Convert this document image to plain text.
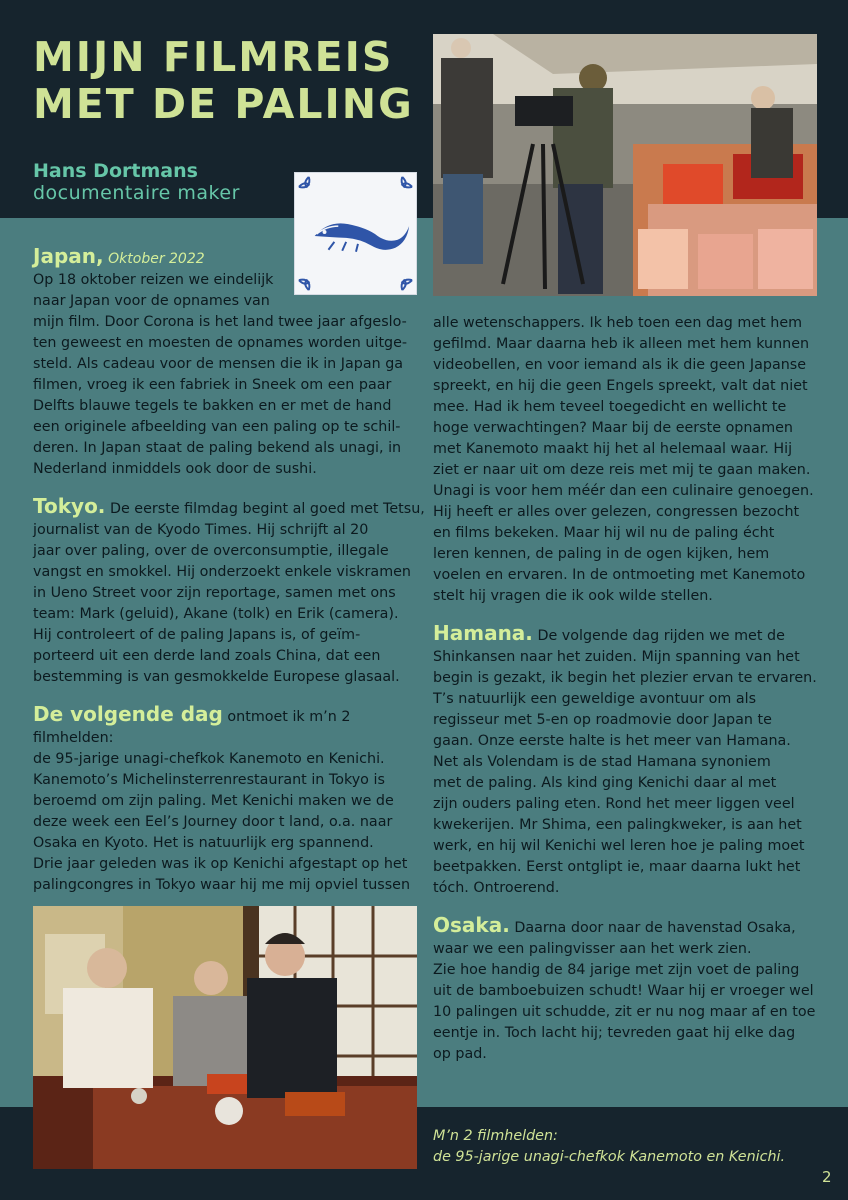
MIJN FILMREIS
MET DE PALING
Hans Dortmans
documentaire maker

Japan, Oktober 2022

Op 18 oktober reizen we eindelijk

naar Japan voor de opnames van

mijn film. Door Corona is het land twee jaar afgeslo-

ten geweest en moesten de opnames worden uitge-

steld. Als cadeau voor de mensen die ik in Japan ga

filmen, vroeg ik een fabriek in Sneek om een paar

Delfts blauwe tegels te bakken en er met de hand

een originele afbeelding van een paling op te schil-

deren. In Japan staat de paling bekend als unagi, in

Nederland inmiddels ook door de sushi.

Tokyo. De eerste filmdag begint al goed met Tetsu,

journalist van de Kyodo Times. Hij schrijft al 20

jaar over paling, over de overconsumptie, illegale

vangst en smokkel. Hij onderzoekt enkele viskramen

in Ueno Street voor zijn reportage, samen met ons

team: Mark (geluid), Akane (tolk) en Erik (camera).

Hij controleert of de paling Japans is, of geïm-

porteerd uit een derde land zoals China, dat een

bestemming is van gesmokkelde Europese glasaal.

De volgende dag ontmoet ik m’n 2 filmhelden:

de 95-jarige unagi-chefkok Kanemoto en Kenichi.

Kanemoto’s Michelinsterrenrestaurant in Tokyo is

beroemd om zijn paling. Met Kenichi maken we de

deze week een Eel’s Journey door t land, o.a. naar

Osaka en Kyoto. Het is natuurlijk erg spannend.

Drie jaar geleden was ik op Kenichi afgestapt op het

palingcongres in Tokyo waar hij me mij opviel tussen

alle wetenschappers. Ik heb toen een dag met hem

gefilmd. Maar daarna heb ik alleen met hem kunnen

videobellen, en voor iemand als ik die geen Japanse

spreekt, en hij die geen Engels spreekt, valt dat niet

mee. Had ik hem teveel toegedicht en wellicht te

hoge verwachtingen? Maar bij de eerste opnamen

met Kanemoto maakt hij het al helemaal waar. Hij

ziet er naar uit om deze reis met mij te gaan maken.

Unagi is voor hem méér dan een culinaire genoegen.

Hij heeft er alles over gelezen, congressen bezocht

en films bekeken. Maar hij wil nu de paling écht

leren kennen, de paling in de ogen kijken, hem

voelen en ervaren. In de ontmoeting met Kanemoto

stelt hij vragen die ik ook wilde stellen.

Hamana. De volgende dag rijden we met de

Shinkansen naar het zuiden. Mijn spanning van het

begin is gezakt, ik begin het plezier ervan te ervaren.

T’s natuurlijk een geweldige avontuur om als

regisseur met 5-en op roadmovie door Japan te

gaan. Onze eerste halte is het meer van Hamana.

Net als Volendam is de stad Hamana synoniem

met de paling. Als kind ging Kenichi daar al met

zijn ouders paling eten. Rond het meer liggen veel

kwekerijen. Mr Shima, een palingkweker, is aan het

werk, en hij wil Kenichi wel leren hoe je paling moet

beetpakken. Eerst ontglipt ie, maar daarna lukt het

tóch. Ontroerend.

Osaka. Daarna door naar de havenstad Osaka,

waar we een palingvisser aan het werk zien.

Zie hoe handig de 84 jarige met zijn voet de paling

uit de bamboebuizen schudt! Waar hij er vroeger wel

10 palingen uit schudde, zit er nu nog maar af en toe

eentje in. Toch lacht hij; tevreden gaat hij elke dag

op pad.

M’n 2 filmhelden:
de 95-jarige unagi-chefkok Kanemoto en Kenichi.
2
